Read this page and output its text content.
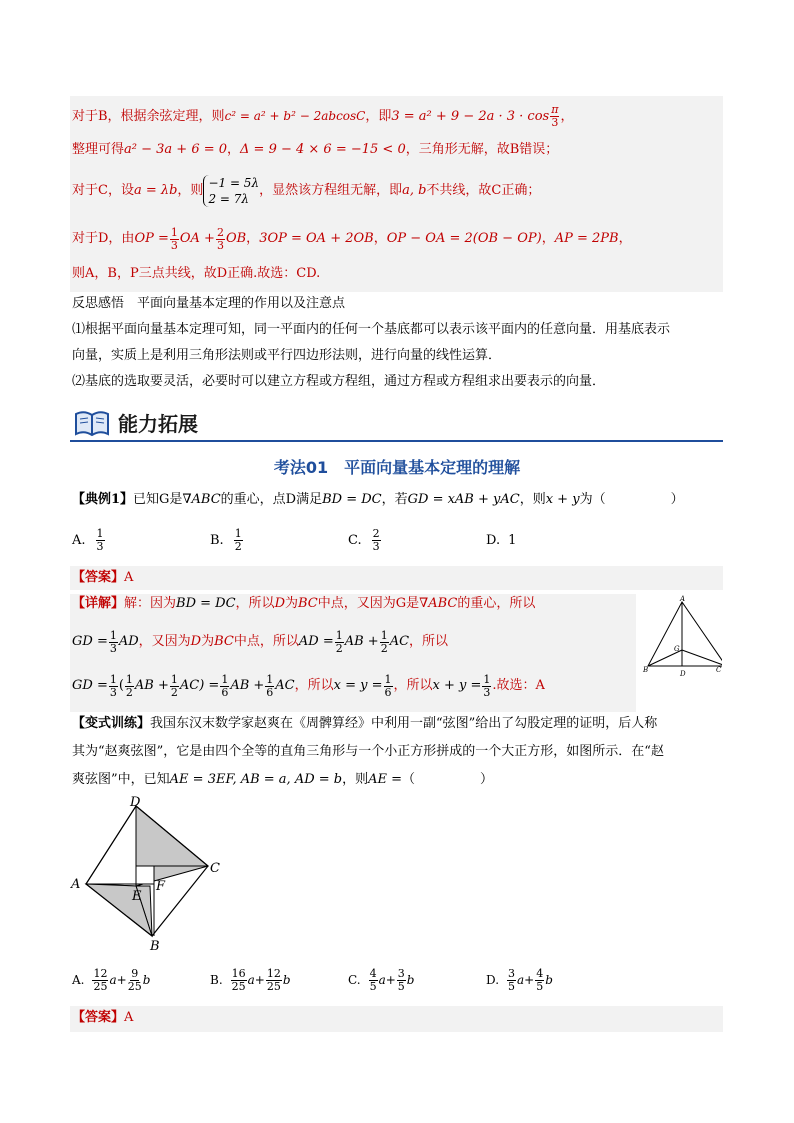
对于B，根据余弦定理，则c² = a² + b² − 2abcosC，即$3 = a^2 + 9 - 2a \cdot 3 \cdot \cos \frac{\pi}{3}$ ，
整理可得a² − 3a + 6 = 0，Δ = 9 − 4 × 6 = −15 < 0，三角形无解，故B错误；
对于C，设 a = λb ，则 −1 = 5λ
2 = 7λ
，显然该方程组无解，即 a, b 不共线，故C正确；
对于D，由 OP = $\frac{1}{3}$ OA + $\frac{2}{3}$ OB ， 3OP = OA + 2OB ， OP − OA = 2(OB − OP) ， AP = 2PB ，
则A，B，P三点共线，故D正确.故选：CD.
反思感悟　平面向量基本定理的作用以及注意点
⑴根据平面向量基本定理可知，同一平面内的任何一个基底都可以表示该平面内的任意向量．用基底表示
向量，实质上是利用三角形法则或平行四边形法则，进行向量的线性运算．
⑵基底的选取要灵活，必要时可以建立方程或方程组，通过方程或方程组求出要表示的向量．
能力拓展
考法01　平面向量基本定理的理解
【典例1】已知G是∇ABC的重心，点D满足BD = DC，若GD = xAB + yAC，则x + y为（　　　　　）
A. $\frac{1}{3}$	B. $\frac{1}{2}$	C. $\frac{2}{3}$	D. 1
【答案】A
【详解】解：因为BD = DC，所以D为BC中点，又因为G是∇ABC的重心，所以
GD = $\frac{1}{3}$ AD ，又因为 D 为 BC 中点，所以 AD = $\frac{1}{2}$ AB + $\frac{1}{2}$ AC ，所以
GD = $\frac{1}{3}$ ( $\frac{1}{2}$ AB + $\frac{1}{2} AC) = \frac{1}{6}$ AB + $\frac{1}{6}$ AC ，所以 $x = y = \frac{1}{6}$ ，所以 $x + y = \frac{1}{3}$ .故选：A
A
G
B	D	C
【变式训练】我国东汉末数学家赵爽在《周髀算经》中利用一副“弦图”给出了勾股定理的证明，后人称
其为“赵爽弦图”，它是由四个全等的直角三角形与一个小正方形拼成的一个大正方形，如图所示．在“赵
爽弦图”中，已知AE = 3EF, AB = a, AD = b，则AE =（　　　　　）
D
C
A
E
F
B
A. $\frac{12}{25}$ $a + \frac{9}{25}$ b	B. $\frac{16}{25}$ $a + \frac{12}{25}$ b	C. $\frac{4}{5}$ $a + \frac{3}{5}$ b	D. $\frac{3}{5}$ $a + \frac{4}{5}$ b
【答案】A
